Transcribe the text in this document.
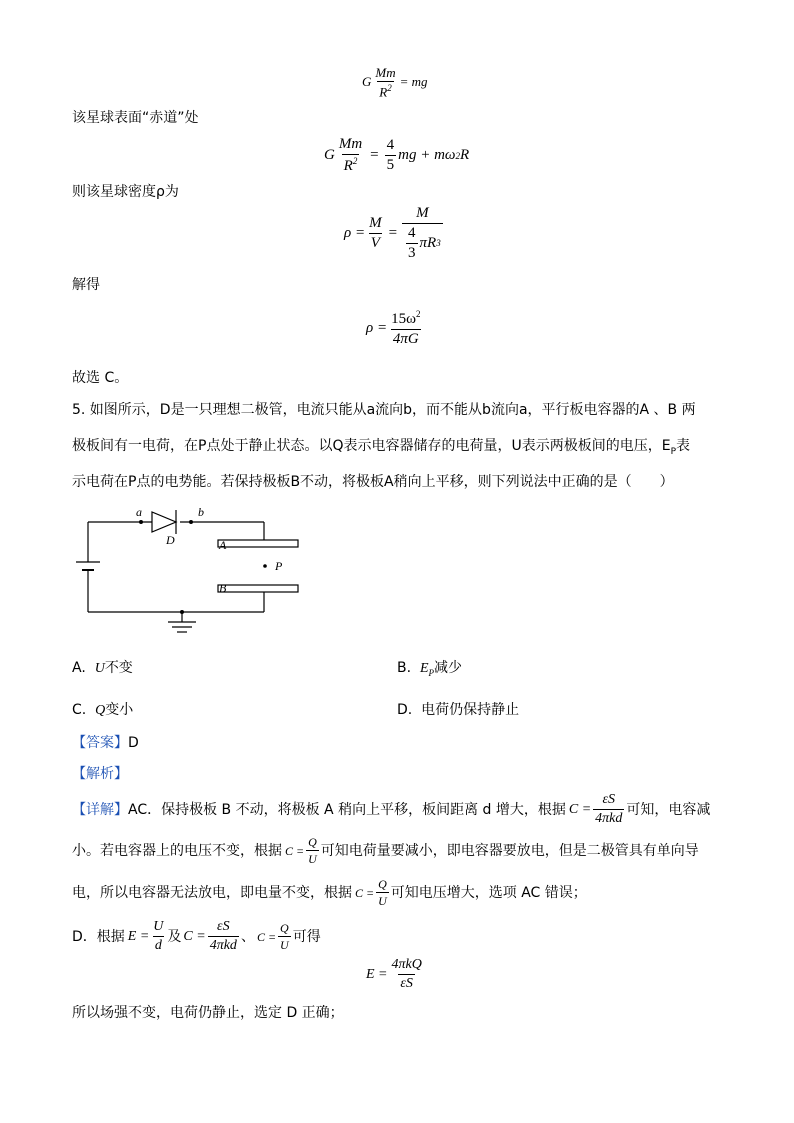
G $\frac{Mm}{R^2}$ = mg
该星球表面“赤道”处
G $\frac{Mm}{R^2} = \frac{4}{5}$ mg + mω 2 R
则该星球密度ρ为
$\rho = \frac{M}{V} = \frac{M}{\frac{4}{3} \pi R 3}$
解得
$\rho = \frac{15\omega^2}{4\pi G}$
故选 C。
5. 如图所示，D是一只理想二极管，电流只能从a流向b，而不能从b流向a，平行板电容器的A 、B 两
极板间有一电荷，在P点处于静止状态。以Q表示电容器储存的电荷量，U表示两极板间的电压，$E_P$表
示电荷在P点的电势能。若保持极板B不动，将极板A稍向上平移，则下列说法中正确的是（　　）
a	b
D	A
B
P
A. U不变	B. $E_P$减少
C. Q变小	D. 电荷仍保持静止
【答案】D
【解析】
【详解】 AC．保持极板 B 不动，将极板 A 稍向上平移，板间距离 d 增大，根据 $C = \frac{\varepsilon S}{\text{4πkd}}$ 可知，电容减
小。若电容器上的电压不变，根据 $C = \frac{Q}{U}$ 可知电荷量要减小，即电容器要放电，但是二极管具有单向导
电，所以电容器无法放电，即电量不变，根据 $C = \frac{Q}{U}$ 可知电压增大，选项 AC 错误；
D．根据 $E = \frac{U}{d}$ 及 $C = \frac{\varepsilon S}{\text{4πkd}}$ 、 $C = \frac{Q}{U}$ 可得
$E = \frac{\text{4πkQ}}{\varepsilon S}$
所以场强不变，电荷仍静止，选定 D 正确；
